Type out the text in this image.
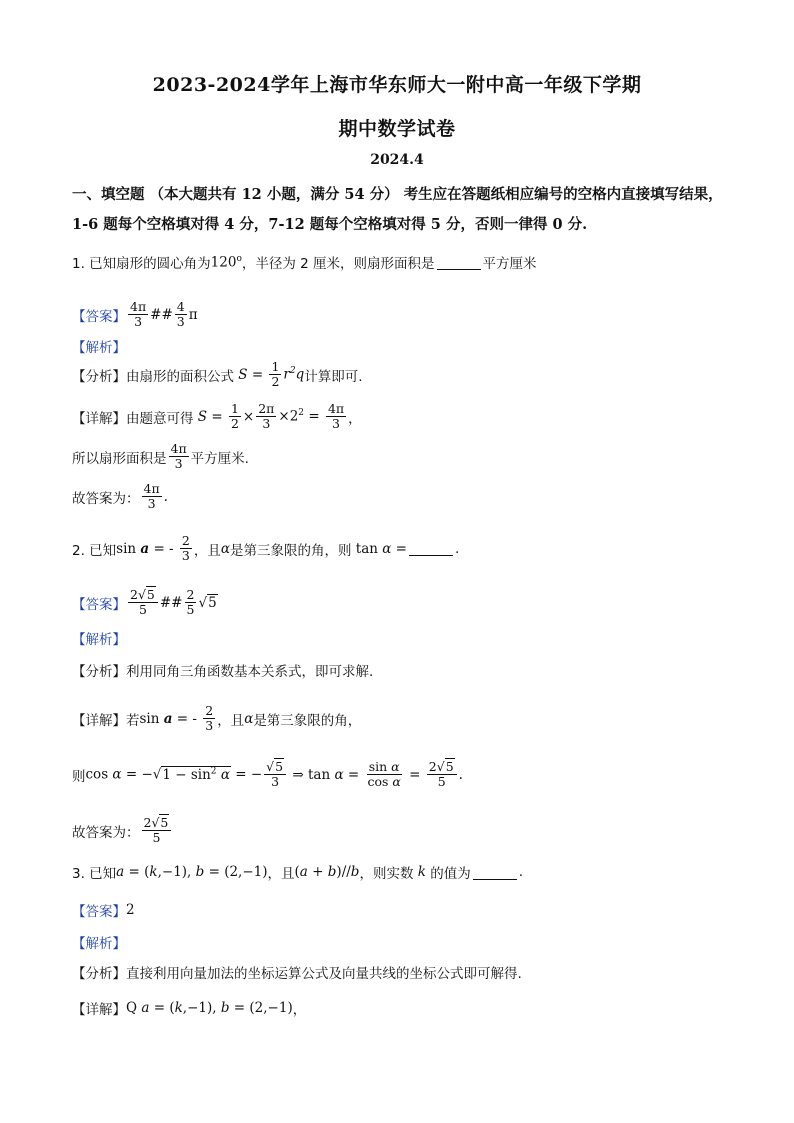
2023-2024学年上海市华东师大一附中高一年级下学期
期中数学试卷
2024.4
一、填空题 （本大题共有 12 小题，满分 54 分） 考生应在答题纸相应编号的空格内直接填写结果，1-6 题每个空格填对得 4 分，7-12 题每个空格填对得 5 分，否则一律得 0 分.
1. 已知扇形的圆心角为 120$^o$ ，半径为 2 厘米，则扇形面积是	平方厘米
【答案】 $\frac{4\pi}{3}$ ## $\frac{4}{3}$ π
【解析】
【分析】 由扇形的面积公式 $S = \frac{1}{2} r^2q$ 计算即可.
【详解】 由题意可得 $S = \frac{1}{2} \times \frac{2\pi}{3} \times 2^2 = \frac{4\pi}{3}$ ，
所以扇形面积是 $\frac{4\pi}{3}$ 平方厘米.
故答案为： $\frac{4\pi}{3}$ .
2. 已知 sin a = - $\frac{2}{3}$ ，且 α 是第三象限的角，则 tan α =	.
【答案】 $\frac{2√5}{5}$ ## $\frac{2}{5} √5$
【解析】
【分析】 利用同角三角函数基本关系式，即可求解.
【详解】 若 sin a = - $\frac{2}{3}$ ，且 α 是第三象限的角，
则 $\cos \alpha = -√1 - \sin^2 \alpha$ = − $\frac{√5}{3}$ ⇒ $\tan \alpha = \frac{\text{sin α}}{\text{cos α}} = \frac{2√5}{5}$ .
故答案为： $\frac{2√5}{5}$
3. 已知 a = (k,−1), b = (2,−1) ，且 (a + b)//b ，则实数 k 的值为	.
【答案】 2
【解析】
【分析】 直接利用向量加法的坐标运算公式及向量共线的坐标公式即可解得.
【详解】 Q a = (k,−1), b = (2,−1) ，
